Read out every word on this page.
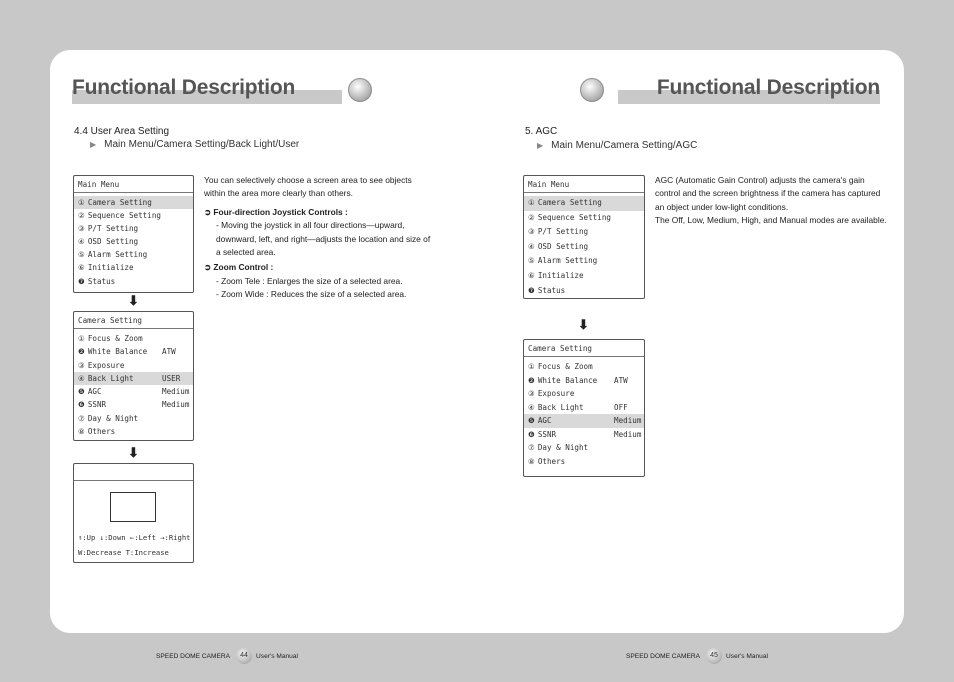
Functional Description	Functional Description
4.4 User Area Setting
▶ Main Menu/Camera Setting/Back Light/User
Main Menu
① Camera Setting
② Sequence Setting
③ P/T Setting
④ OSD Setting
⑤ Alarm Setting
⑥ Initialize
❼ Status
⬇
Camera Setting
① Focus & Zoom
❷ White Balance ATW
③ Exposure
④ Back Light	USER
❺ AGC	Medium
❻ SSNR	Medium
⑦ Day & Night
⑧ Others
⬇
↑:Up ↓:Down ←:Left →:Right
W:Decrease T:Increase
You can selectively choose a screen area to see objects within the area more clearly than others.
➲ Four-direction Joystick Controls :
- Moving the joystick in all four directions—upward, downward, left, and right—adjusts the location and size of a selected area.
➲ Zoom Control :
- Zoom Tele : Enlarges the size of a selected area.
- Zoom Wide : Reduces the size of a selected area.
5. AGC
▶ Main Menu/Camera Setting/AGC
Main Menu
① Camera Setting
② Sequence Setting
③ P/T Setting
④ OSD Setting
⑤ Alarm Setting
⑥ Initialize
❼ Status
⬇
Camera Setting
① Focus & Zoom
❷ White Balance ATW
③ Exposure
④ Back Light	OFF
❺ AGC	Medium
❻ SSNR	Medium
⑦ Day & Night
⑧ Others
AGC (Automatic Gain Control) adjusts the camera's gain control and the screen brightness if the camera has captured an object under low-light conditions.
The Off, Low, Medium, High, and Manual modes are available.
SPEED DOME CAMERA	44	User's Manual	SPEED DOME CAMERA	45	User's Manual
